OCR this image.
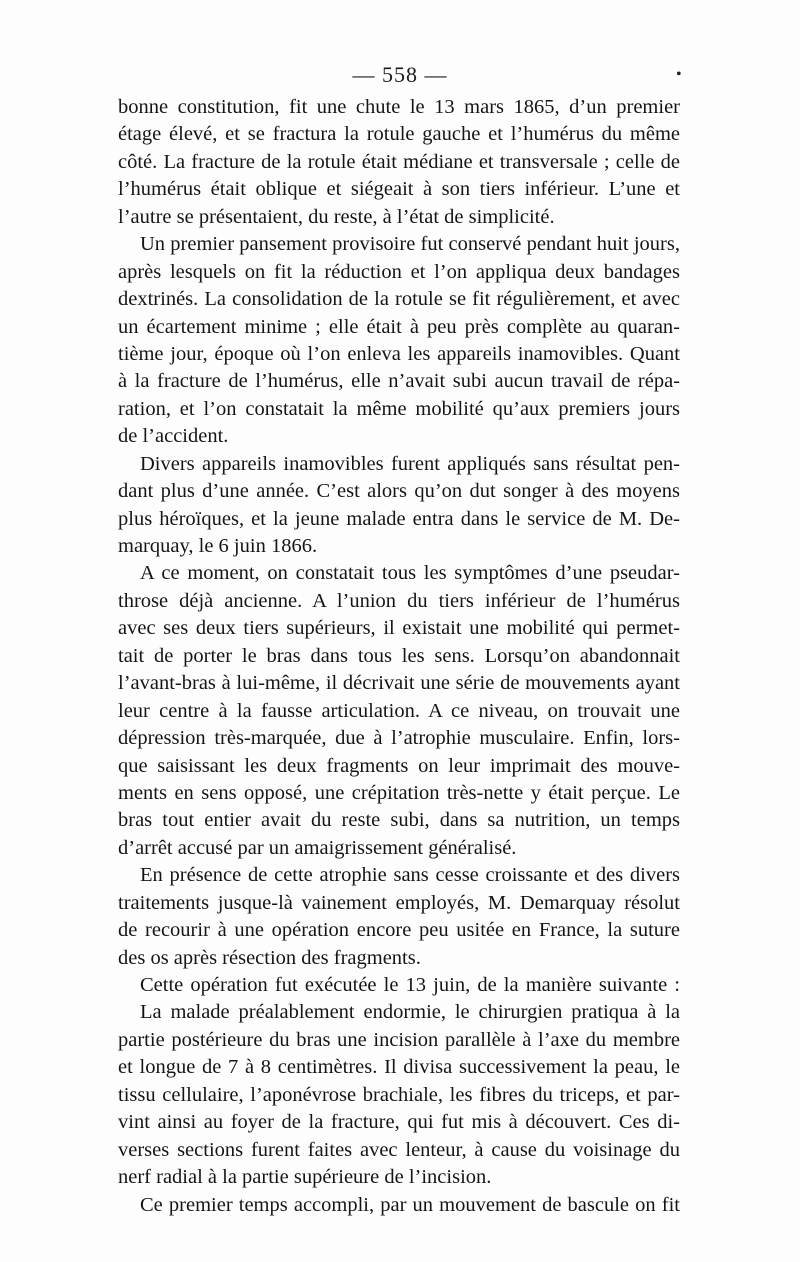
— 558 —	•
bonne constitution, fit une chute le 13 mars 1865, d’un premier
étage élevé, et se fractura la rotule gauche et l’humérus du même
côté. La fracture de la rotule était médiane et transversale ; celle de
l’humérus était oblique et siégeait à son tiers inférieur. L’une et
l’autre se présentaient, du reste, à l’état de simplicité.
Un premier pansement provisoire fut conservé pendant huit jours,
après lesquels on fit la réduction et l’on appliqua deux bandages
dextrinés. La consolidation de la rotule se fit régulièrement, et avec
un écartement minime ; elle était à peu près complète au quaran-
tième jour, époque où l’on enleva les appareils inamovibles. Quant
à la fracture de l’humérus, elle n’avait subi aucun travail de répa-
ration, et l’on constatait la même mobilité qu’aux premiers jours
de l’accident.
Divers appareils inamovibles furent appliqués sans résultat pen-
dant plus d’une année. C’est alors qu’on dut songer à des moyens
plus héroïques, et la jeune malade entra dans le service de M. De-
marquay, le 6 juin 1866.
A ce moment, on constatait tous les symptômes d’une pseudar-
throse déjà ancienne. A l’union du tiers inférieur de l’humérus
avec ses deux tiers supérieurs, il existait une mobilité qui permet-
tait de porter le bras dans tous les sens. Lorsqu’on abandonnait
l’avant-bras à lui-même, il décrivait une série de mouvements ayant
leur centre à la fausse articulation. A ce niveau, on trouvait une
dépression très-marquée, due à l’atrophie musculaire. Enfin, lors-
que saisissant les deux fragments on leur imprimait des mouve-
ments en sens opposé, une crépitation très-nette y était perçue. Le
bras tout entier avait du reste subi, dans sa nutrition, un temps
d’arrêt accusé par un amaigrissement généralisé.
En présence de cette atrophie sans cesse croissante et des divers
traitements jusque-là vainement employés, M. Demarquay résolut
de recourir à une opération encore peu usitée en France, la suture
des os après résection des fragments.
Cette opération fut exécutée le 13 juin, de la manière suivante :
La malade préalablement endormie, le chirurgien pratiqua à la
partie postérieure du bras une incision parallèle à l’axe du membre
et longue de 7 à 8 centimètres. Il divisa successivement la peau, le
tissu cellulaire, l’aponévrose brachiale, les fibres du triceps, et par-
vint ainsi au foyer de la fracture, qui fut mis à découvert. Ces di-
verses sections furent faites avec lenteur, à cause du voisinage du
nerf radial à la partie supérieure de l’incision.
Ce premier temps accompli, par un mouvement de bascule on fit
